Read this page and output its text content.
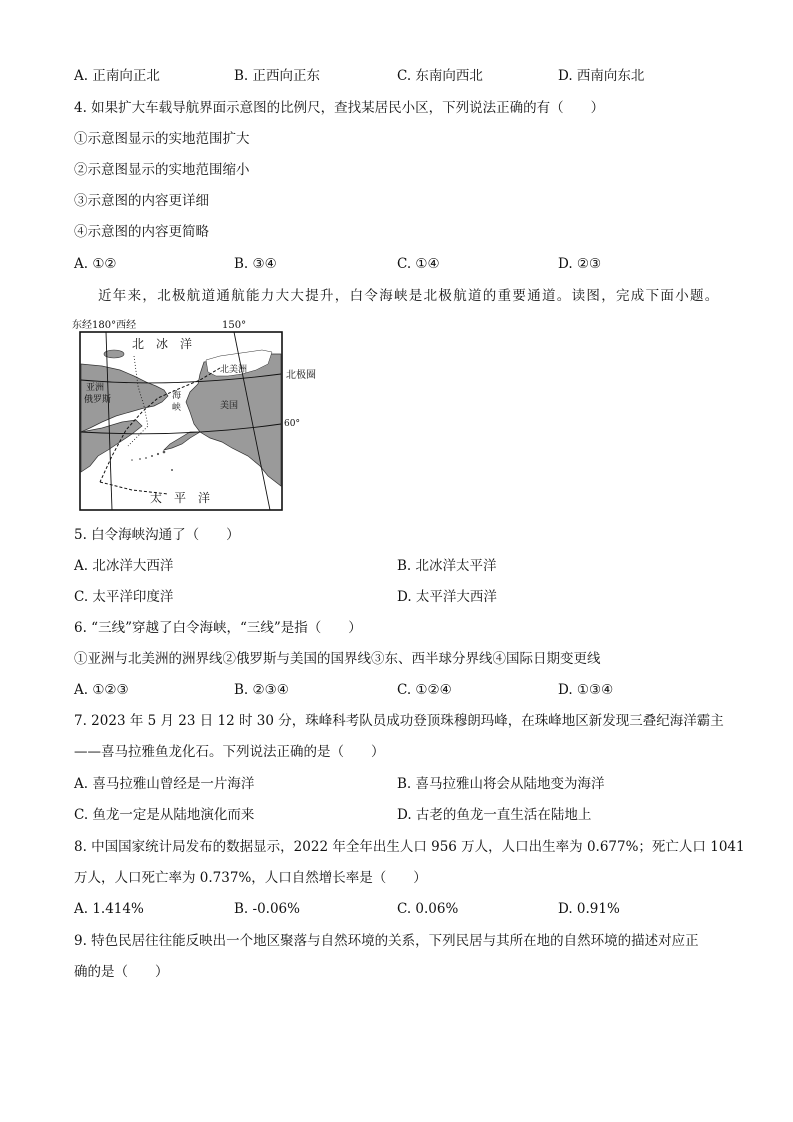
A. 正南向正北	B. 正西向正东	C. 东南向西北	D. 西南向东北
4. 如果扩大车载导航界面示意图的比例尺，查找某居民小区，下列说法正确的有（　　）
①示意图显示的实地范围扩大
②示意图显示的实地范围缩小
③示意图的内容更详细
④示意图的内容更简略
A. ①②	B. ③④	C. ①④	D. ②③
近年来，北极航道通航能力大大提升，白令海峡是北极航道的重要通道。读图，完成下面小题。
东经180°西经	150°
北　冰　洋
北美洲	北极圈
亚洲
俄罗斯	海
峡	美国
60°
太　平　洋
5. 白令海峡沟通了（　　）
A. 北冰洋大西洋	B. 北冰洋太平洋
C. 太平洋印度洋	D. 太平洋大西洋
6. “三线”穿越了白令海峡，“三线”是指（　　）
①亚洲与北美洲的洲界线②俄罗斯与美国的国界线③东、西半球分界线④国际日期变更线
A. ①②③	B. ②③④	C. ①②④	D. ①③④
7. 2023 年 5 月 23 日 12 时 30 分，珠峰科考队员成功登顶珠穆朗玛峰，在珠峰地区新发现三叠纪海洋霸主
——喜马拉雅鱼龙化石。下列说法正确的是（　　）
A. 喜马拉雅山曾经是一片海洋	B. 喜马拉雅山将会从陆地变为海洋
C. 鱼龙一定是从陆地演化而来	D. 古老的鱼龙一直生活在陆地上
8. 中国国家统计局发布的数据显示，2022 年全年出生人口 956 万人，人口出生率为 0.677%；死亡人口 1041
万人，人口死亡率为 0.737%，人口自然增长率是（　　）
A. 1.414%	B. -0.06%	C. 0.06%	D. 0.91%
9. 特色民居往往能反映出一个地区聚落与自然环境的关系，下列民居与其所在地的自然环境的描述对应正
确的是（　　）
